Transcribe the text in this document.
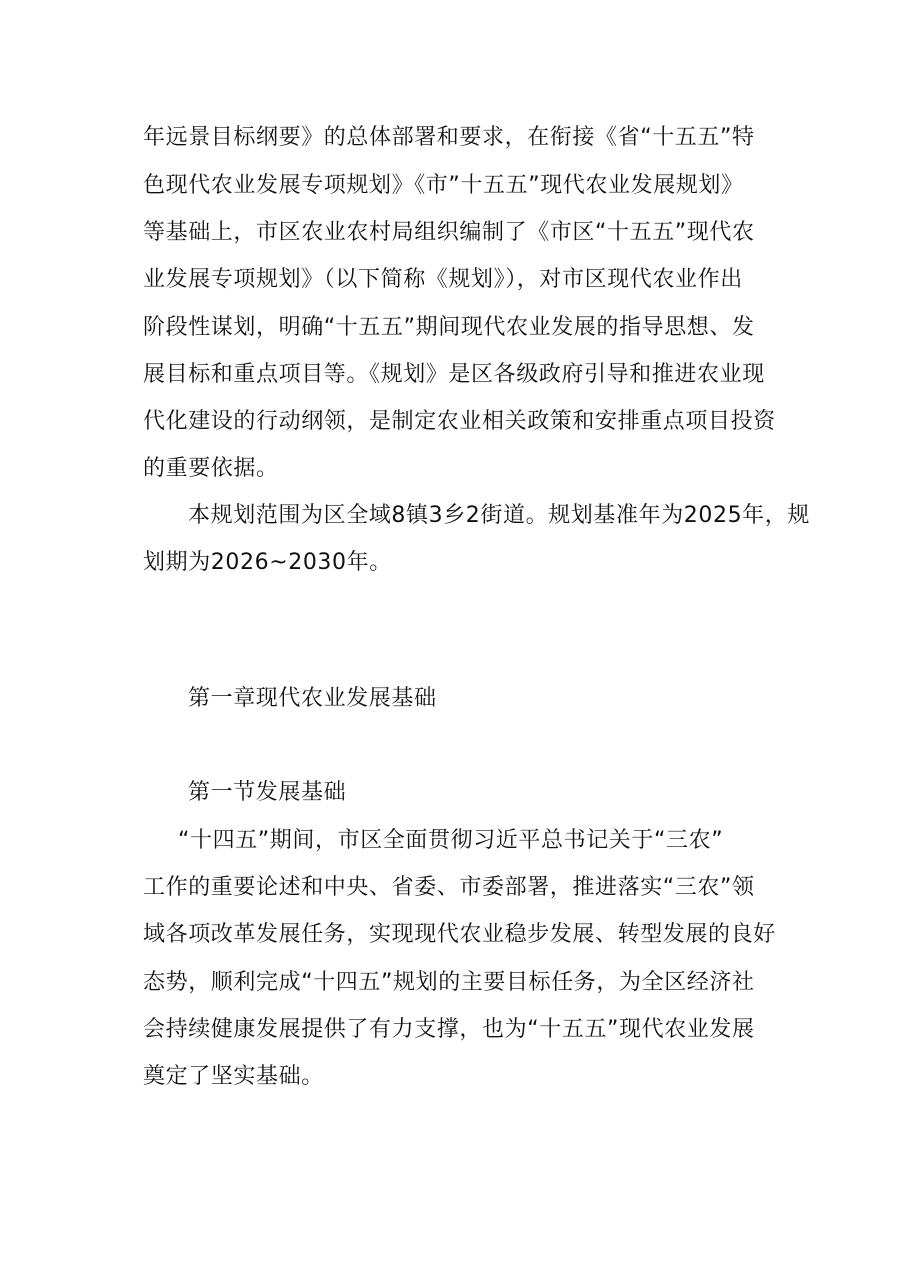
年远景目标纲要》的总体部署和要求，在衔接《省“十五五”特
色现代农业发展专项规划》《市”十五五”现代农业发展规划》
等基础上，市区农业农村局组织编制了《市区“十五五”现代农
业发展专项规划》（以下简称《规划》），对市区现代农业作出
阶段性谋划，明确“十五五”期间现代农业发展的指导思想、发
展目标和重点项目等。《规划》是区各级政府引导和推进农业现
代化建设的行动纲领，是制定农业相关政策和安排重点项目投资
的重要依据。
本规划范围为区全域8镇3乡2街道。规划基准年为2025年，规
划期为2026~2030年。
第一章现代农业发展基础
第一节发展基础
“十四五”期间，市区全面贯彻习近平总书记关于“三农”
工作的重要论述和中央、省委、市委部署，推进落实“三农”领
域各项改革发展任务，实现现代农业稳步发展、转型发展的良好
态势，顺利完成“十四五”规划的主要目标任务，为全区经济社
会持续健康发展提供了有力支撑，也为“十五五”现代农业发展
奠定了坚实基础。
